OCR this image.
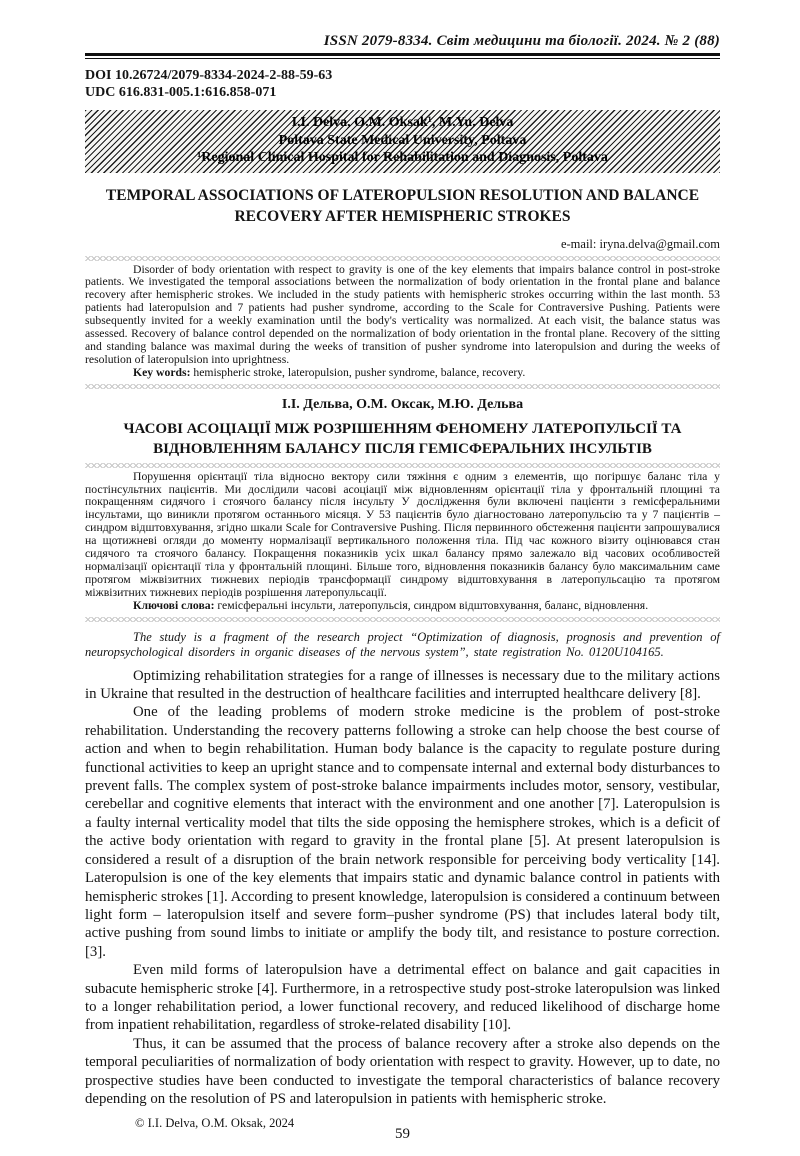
ISSN 2079-8334. Світ медицини та біології. 2024. № 2 (88)
DOI 10.26724/2079-8334-2024-2-88-59-63
UDC 616.831-005.1:616.858-071
I.I. Delva, O.M. Oksak¹, M.Yu. Delva
Poltava State Medical University, Poltava
¹Regional Clinical Hospital for Rehabilitation and Diagnosis, Poltava
TEMPORAL ASSOCIATIONS OF LATEROPULSION RESOLUTION AND BALANCE RECOVERY AFTER HEMISPHERIC STROKES
e-mail: iryna.delva@gmail.com

Disorder of body orientation with respect to gravity is one of the key elements that impairs balance control in post-stroke patients. We investigated the temporal associations between the normalization of body orientation in the frontal plane and balance recovery after hemispheric strokes. We included in the study patients with hemispheric strokes occurring within the last month. 53 patients had lateropulsion and 7 patients had pusher syndrome, according to the Scale for Contraversive Pushing. Patients were subsequently invited for a weekly examination until the body's verticality was normalized. At each visit, the balance status was assessed. Recovery of balance control depended on the normalization of body orientation in the frontal plane. Recovery of the sitting and standing balance was maximal during the weeks of transition of pusher syndrome into lateropulsion and during the weeks of resolution of lateropulsion into uprightness.

Key words: hemispheric stroke, lateropulsion, pusher syndrome, balance, recovery.

І.І. Дельва, О.М. Оксак, М.Ю. Дельва
ЧАСОВІ АСОЦІАЦІЇ МІЖ РОЗРІШЕННЯМ ФЕНОМЕНУ ЛАТЕРОПУЛЬСІЇ ТА ВІДНОВЛЕННЯМ БАЛАНСУ ПІСЛЯ ГЕМІСФЕРАЛЬНИХ ІНСУЛЬТІВ

Порушення орієнтації тіла відносно вектору сили тяжіння є одним з елементів, що погіршує баланс тіла у постінсультних пацієнтів. Ми дослідили часові асоціації між відновленням орієнтації тіла у фронтальній площині та покращенням сидячого і стоячого балансу після інсульту У дослідження були включені пацієнти з гемісферальними інсультами, що виникли протягом останнього місяця. У 53 пацієнтів було діагностовано латеропульсію та у 7 пацієнтів – синдром відштовхування, згідно шкали Scale for Contraversive Pushing. Після первинного обстеження пацієнти запрошувалися на щотижневі огляди до моменту нормалізації вертикального положення тіла. Під час кожного візиту оцінювався стан сидячого та стоячого балансу. Покращення показників усіх шкал балансу прямо залежало від часових особливостей нормалізації орієнтації тіла у фронтальній площині. Більше того, відновлення показників балансу було максимальним саме протягом міжвізитних тижневих періодів трансформації синдрому відштовхування в латеропульсацію та протягом міжвізитних тижневих періодів розрішення латеропульсації.

Ключові слова: гемісферальні інсульти, латеропульсія, синдром відштовхування, баланс, відновлення.

The study is a fragment of the research project “Optimization of diagnosis, prognosis and prevention of neuropsychological disorders in organic diseases of the nervous system”, state registration No. 0120U104165.

Optimizing rehabilitation strategies for a range of illnesses is necessary due to the military actions in Ukraine that resulted in the destruction of healthcare facilities and interrupted healthcare delivery [8].

One of the leading problems of modern stroke medicine is the problem of post-stroke rehabilitation. Understanding the recovery patterns following a stroke can help choose the best course of action and when to begin rehabilitation. Human body balance is the capacity to regulate posture during functional activities to keep an upright stance and to compensate internal and external body disturbances to prevent falls. The complex system of post-stroke balance impairments includes motor, sensory, vestibular, cerebellar and cognitive elements that interact with the environment and one another [7]. Lateropulsion is a faulty internal verticality model that tilts the side opposing the hemisphere strokes, which is a deficit of the active body orientation with regard to gravity in the frontal plane [5]. At present lateropulsion is considered a result of a disruption of the brain network responsible for perceiving body verticality [14]. Lateropulsion is one of the key elements that impairs static and dynamic balance control in patients with hemispheric strokes [1]. According to present knowledge, lateropulsion is considered a continuum between light form – lateropulsion itself and severe form–pusher syndrome (PS) that includes lateral body tilt, active pushing from sound limbs to initiate or amplify the body tilt, and resistance to posture correction. [3].

Even mild forms of lateropulsion have a detrimental effect on balance and gait capacities in subacute hemispheric stroke [4]. Furthermore, in a retrospective study post-stroke lateropulsion was linked to a longer rehabilitation period, a lower functional recovery, and reduced likelihood of discharge home from inpatient rehabilitation, regardless of stroke-related disability [10].

Thus, it can be assumed that the process of balance recovery after a stroke also depends on the temporal peculiarities of normalization of body orientation with respect to gravity. However, up to date, no prospective studies have been conducted to investigate the temporal characteristics of balance recovery depending on the resolution of PS and lateropulsion in patients with hemispheric stroke.

© I.I. Delva, O.M. Oksak, 2024
59
